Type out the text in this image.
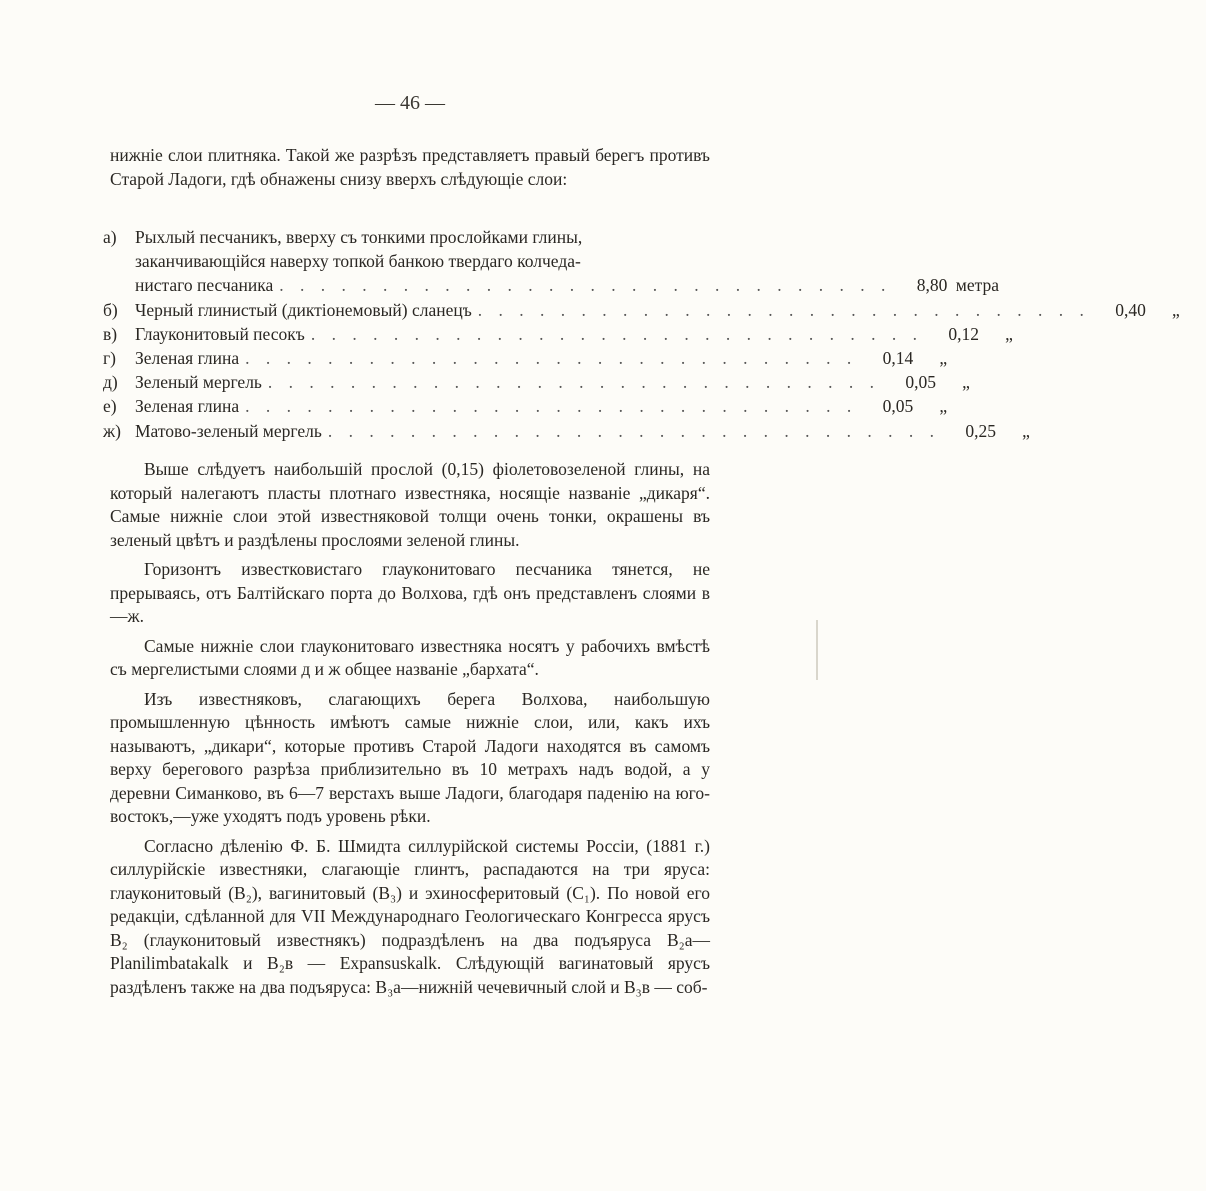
— 46 —
нижніе слои плитняка. Такой же разрѣзъ представляетъ правый берегъ противъ Старой Ладоги, гдѣ обнажены снизу вверхъ слѣдующіе слои:
а)	Рыхлый песчаникъ, вверху съ тонкими прослойками глины,
заканчивающійся наверху топкой банкою твердаго колчеда-
нистаго песчаника . . . . . . . . . . . . . . . . . . . . . . . . . . . . . .	8,80 метра
б) Черный глинистый (диктіонемовый) сланецъ . . . . . . . . . . . . . . . . . . . . . . . . . . . . . .	0,40	„
в)	Глауконитовый песокъ . . . . . . . . . . . . . . . . . . . . . . . . . . . . . .	0,12	„
г)	Зеленая глина . . . . . . . . . . . . . . . . . . . . . . . . . . . . . .	0,14	„
д) Зеленый мергель . . . . . . . . . . . . . . . . . . . . . . . . . . . . . .	0,05	„
е)	Зеленая глина . . . . . . . . . . . . . . . . . . . . . . . . . . . . . .	0,05	„
ж) Матово-зеленый мергель . . . . . . . . . . . . . . . . . . . . . . . . . . . . . .	0,25	„

Выше слѣдуетъ наибольшій прослой (0,15) фіолетовозеленой глины, на который налегаютъ пласты плотнаго известняка, носящіе названіе „дикаря“. Самые нижніе слои этой известняковой толщи очень тонки, окрашены въ зеленый цвѣтъ и раздѣлены прослоями зеленой глины.

Горизонтъ известковистаго глауконитоваго песчаника тянется, не прерываясь, отъ Балтійскаго порта до Волхова, гдѣ онъ представленъ слоями в—ж.

Самые нижніе слои глауконитоваго известняка носятъ у рабочихъ вмѣстѣ съ мергелистыми слоями д и ж общее названіе „бархата“.

Изъ известняковъ, слагающихъ берега Волхова, наибольшую промышленную цѣнность имѣютъ самые нижніе слои, или, какъ ихъ называютъ, „дикари“, которые противъ Старой Ладоги находятся въ самомъ верху берегового разрѣза приблизительно въ 10 метрахъ надъ водой, а у деревни Симанково, въ 6—7 верстахъ выше Ладоги, благодаря паденію на юго-востокъ,—уже уходятъ подъ уровень рѣки.

Согласно дѣленію Ф. Б. Шмидта силлурійской системы Россіи, (1881 г.) силлурійскіе известняки, слагающіе глинтъ, распадаются на три яруса: глауконитовый (B₂), вагинитовый (B₃) и эхиносферитовый (C₁). По новой его редакціи, сдѣланной для VII Международнаго Геологическаго Конгресса ярусъ B₂ (глауконитовый известнякъ) подраздѣленъ на два подъяруса B₂а—Planilimbatakalk и B₂в — Expansuskalk. Слѣдующій вагинатовый ярусъ раздѣленъ также на два подъяруса: B₃а—нижній чечевичный слой и B₃в — соб-
